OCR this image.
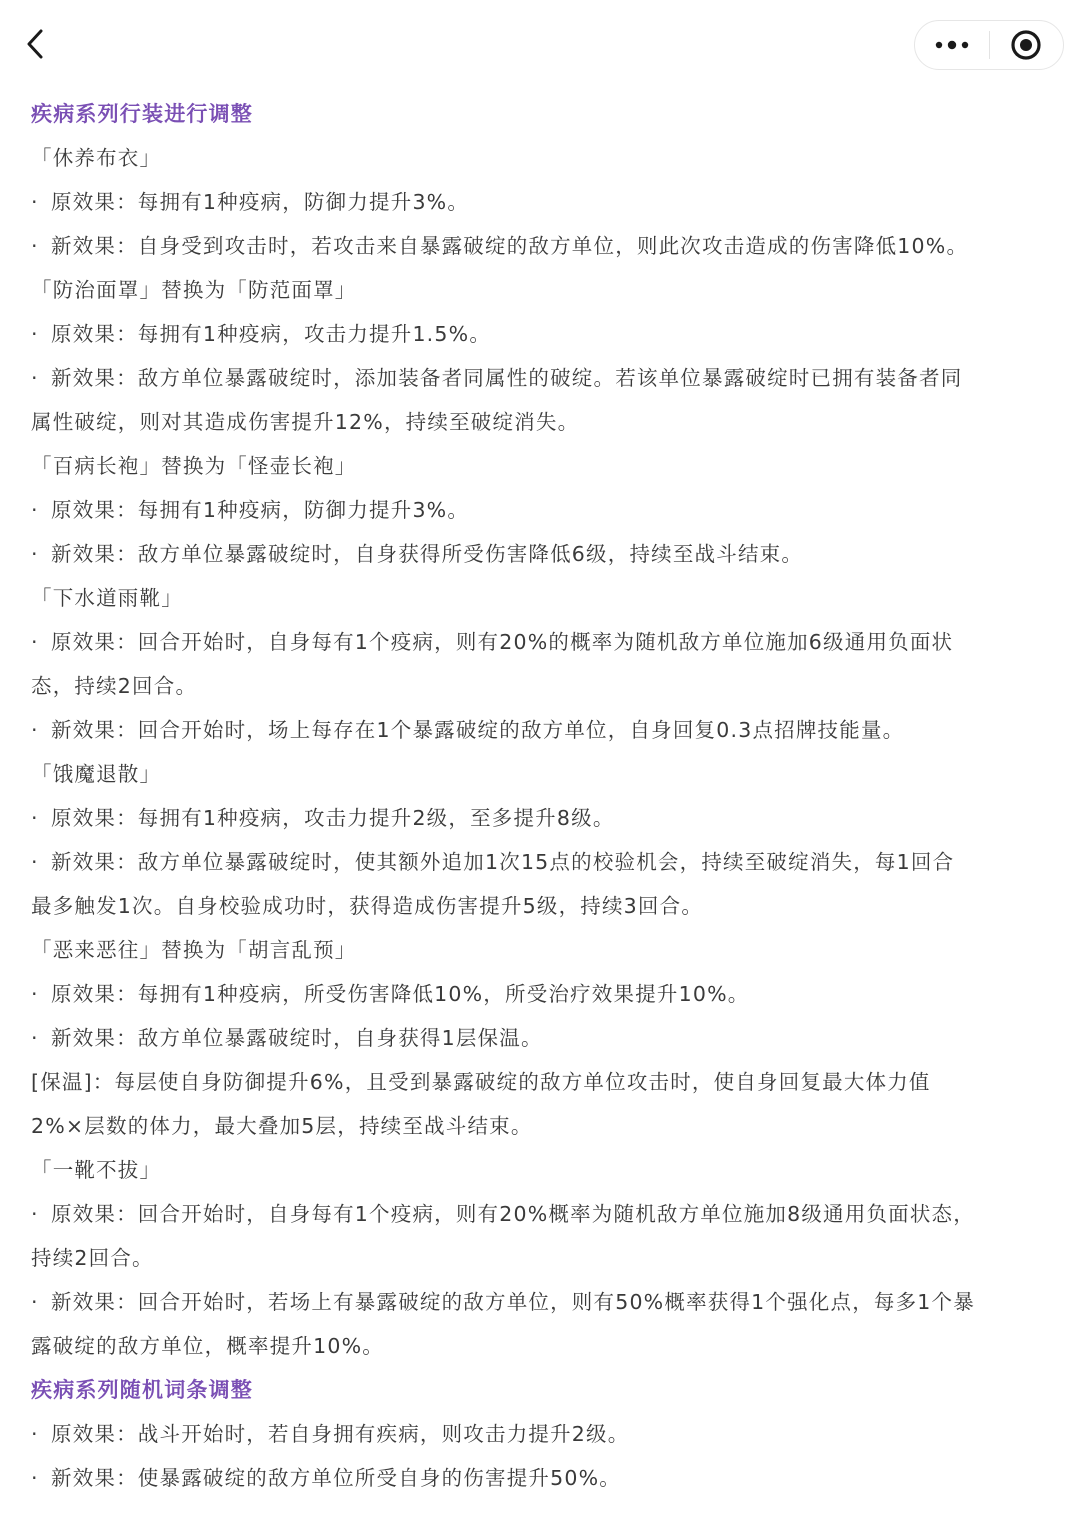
疾病系列行装进行调整
「休养布衣」
· 原效果：每拥有1种疫病，防御力提升3%。
· 新效果：自身受到攻击时，若攻击来自暴露破绽的敌方单位，则此次攻击造成的伤害降低10%。
「防治面罩」替换为「防范面罩」
· 原效果：每拥有1种疫病，攻击力提升1.5%。
· 新效果：敌方单位暴露破绽时，添加装备者同属性的破绽。若该单位暴露破绽时已拥有装备者同
属性破绽，则对其造成伤害提升12%，持续至破绽消失。
「百病长袍」替换为「怪壶长袍」
· 原效果：每拥有1种疫病，防御力提升3%。
· 新效果：敌方单位暴露破绽时，自身获得所受伤害降低6级，持续至战斗结束。
「下水道雨靴」
· 原效果：回合开始时，自身每有1个疫病，则有20%的概率为随机敌方单位施加6级通用负面状
态，持续2回合。
· 新效果：回合开始时，场上每存在1个暴露破绽的敌方单位，自身回复0.3点招牌技能量。
「饿魔退散」
· 原效果：每拥有1种疫病，攻击力提升2级，至多提升8级。
· 新效果：敌方单位暴露破绽时，使其额外追加1次15点的校验机会，持续至破绽消失，每1回合
最多触发1次。自身校验成功时，获得造成伤害提升5级，持续3回合。
「恶来恶往」替换为「胡言乱预」
· 原效果：每拥有1种疫病，所受伤害降低10%，所受治疗效果提升10%。
· 新效果：敌方单位暴露破绽时，自身获得1层保温。
[保温]：每层使自身防御提升6%，且受到暴露破绽的敌方单位攻击时，使自身回复最大体力值
2%×层数的体力，最大叠加5层，持续至战斗结束。
「一靴不拔」
· 原效果：回合开始时，自身每有1个疫病，则有20%概率为随机敌方单位施加8级通用负面状态，
持续2回合。
· 新效果：回合开始时，若场上有暴露破绽的敌方单位，则有50%概率获得1个强化点，每多1个暴
露破绽的敌方单位，概率提升10%。
疾病系列随机词条调整
· 原效果：战斗开始时，若自身拥有疾病，则攻击力提升2级。
· 新效果：使暴露破绽的敌方单位所受自身的伤害提升50%。
